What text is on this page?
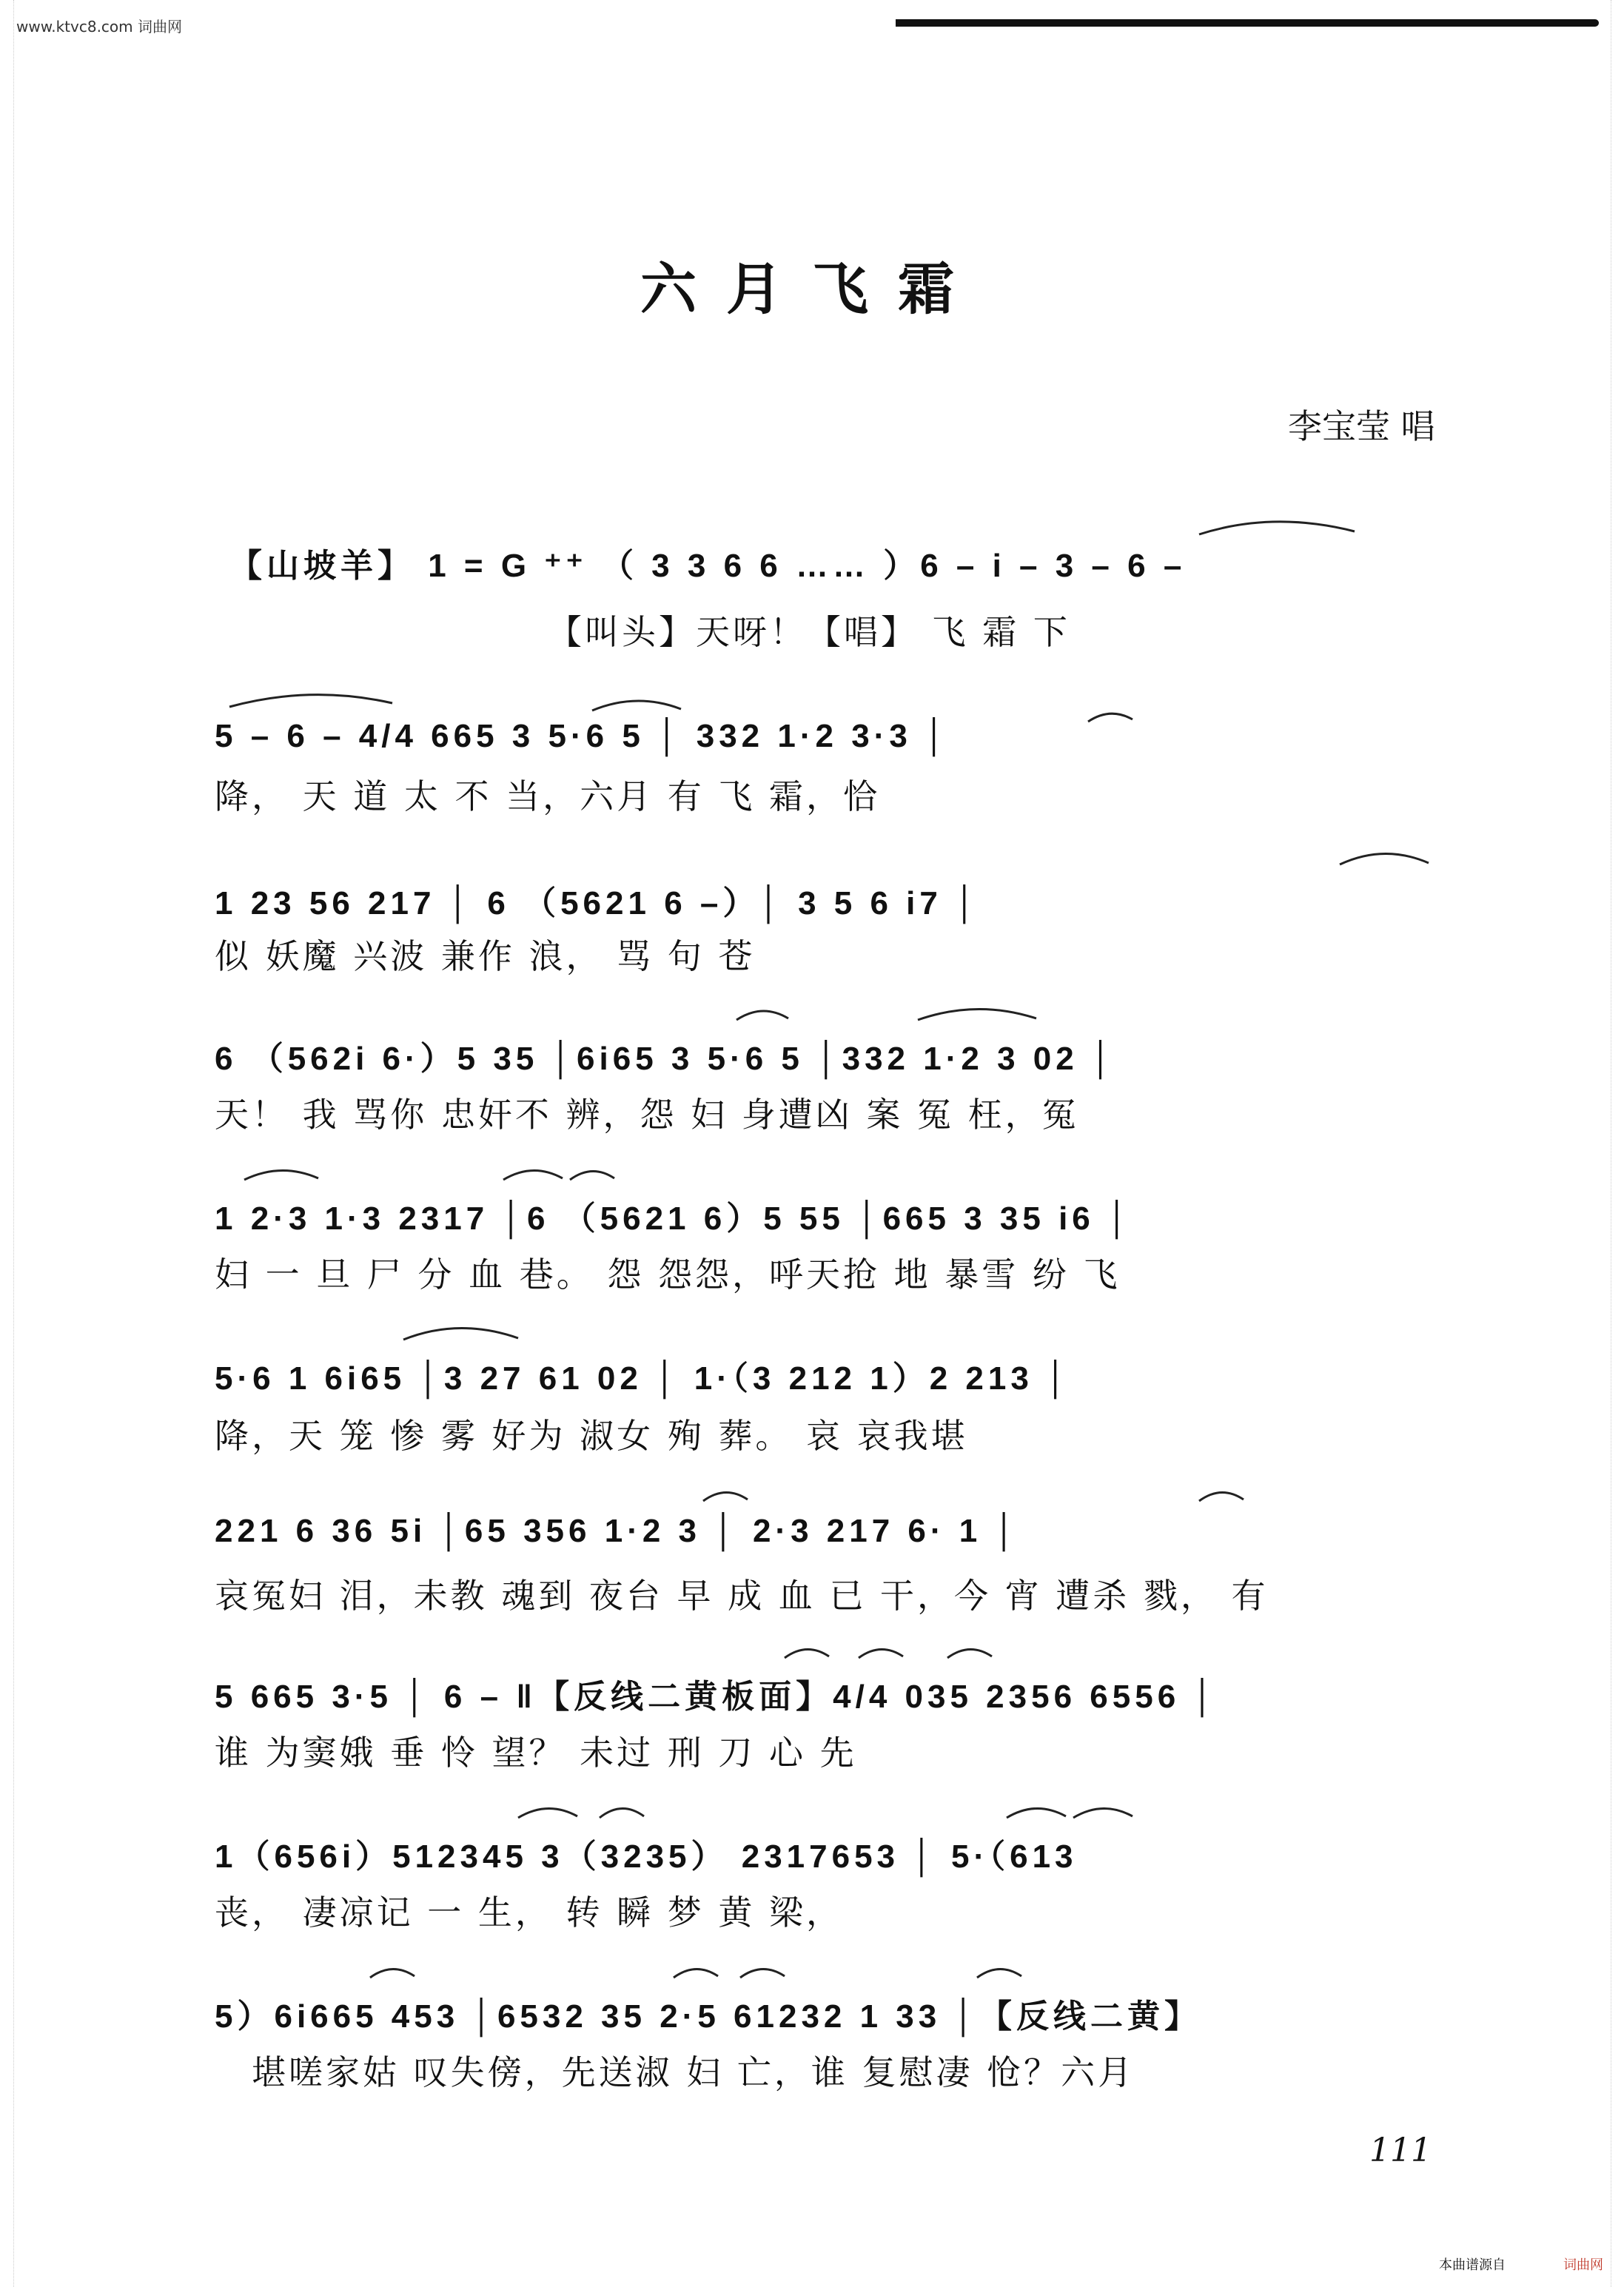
www.ktvc8.com 词曲网
六月飞霜
李宝莹 唱
【山坡羊】 1 = G ⁺⁺ （ 3 3 6 6 …… ）6 – i – 3 – 6 –
【叫头】天呀！【唱】 飞 霜 下
5 – 6 – 4/4 665 3 5·6 5 │ 332 1·2 3·3 │
降， 天 道 太 不 当，六月 有 飞 霜，恰
1 23 56 217 │ 6 （5621 6 –）│ 3 5 6 i7 │
似 妖魔 兴波 兼作 浪， 骂 句 苍
6 （562i 6·）5 35 │6i65 3 5·6 5 │332 1·2 3 02 │
天！ 我 骂你 忠奸不 辨，怨 妇 身遭凶 案 冤 枉，冤
1 2·3 1·3 2317 │6 （5621 6）5 55 │665 3 35 i6 │
妇 一 旦 尸 分 血 巷。 怨 怨怨，呼天抢 地 暴雪 纷 飞
5·6 1 6i65 │3 27 61 02 │ 1·（3 212 1）2 213 │
降，天 笼 惨 雾 好为 淑女 殉 葬。 哀 哀我堪
221 6 36 5i │65 356 1·2 3 │ 2·3 217 6· 1 │
哀冤妇 泪，未教 魂到 夜台 早 成 血 已 干，今 宵 遭杀 戮， 有
5 665 3·5 │ 6 – ‖【反线二黄板面】4/4 035 2356 6556 │
谁 为窦娥 垂 怜 望？ 未过 刑 刀 心 先
1（656i）512345 3（3235） 2317653 │ 5·（613
丧， 凄凉记 一 生， 转 瞬 梦 黄 梁，
5）6i665 453 │6532 35 2·5 61232 1 33 │【反线二黄】
堪嗟家姑 叹失傍，先送淑 妇 亡，谁 复慰凄 怆？六月
111
本曲谱源自	词曲网
